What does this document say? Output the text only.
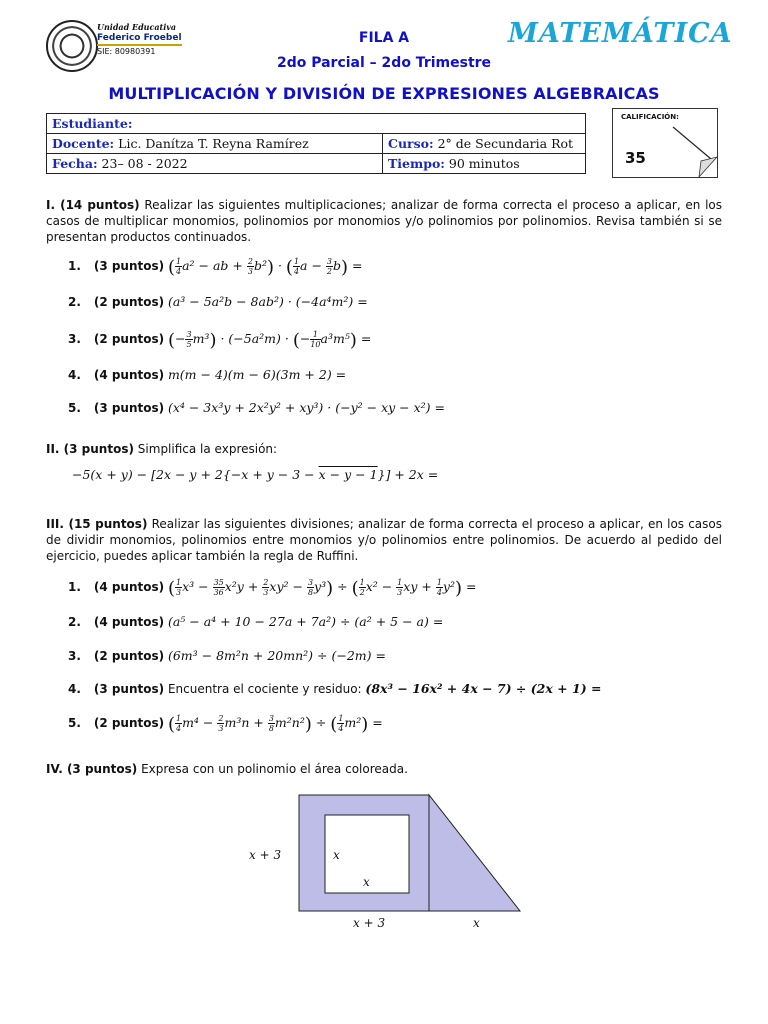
Unidad Educativa
Federico Froebel
SIE: 80980391
FILA A
2do Parcial – 2do Trimestre
MULTIPLICACIÓN Y DIVISIÓN DE EXPRESIONES ALGEBRAICAS
MATEMÁTICA
Estudiante:	
Docente: Lic. Danítza T. Reyna Ramírez	Curso: 2° de Secundaria Rot
Fecha: 23– 08 - 2022	Tiempo: 90 minutos
CALIFICACIÓN:
35
I. (14 puntos) Realizar las siguientes multiplicaciones; analizar de forma correcta el proceso a aplicar, en los casos de multiplicar monomios, polinomios por monomios y/o polinomios por polinomios. Revisa también si se presentan productos continuados.
1. (3 puntos) ( $\frac{1}{4} a^2$ − ab + $\frac{2}{3} b^2$) · ( $\frac{1}{4}$ $a - \frac{3}{2} b$) =
2. (2 puntos) (a³ − 5a²b − 8ab²) · (−4a⁴m²) =
3. (2 puntos) (− $\frac{3}{5} m^3) \cdot (-5a^2m)$ · (− $\frac{1}{10} a^3m^5$) =
4. (4 puntos) m(m − 4)(m − 6)(3m + 2) =
5. (3 puntos) (x⁴ − 3x³y + 2x²y² + xy³) · (−y² − xy − x²) =
II. (3 puntos) Simplifica la expresión:
−5(x + y) − [2x − y + 2{−x + y − 3 − x − y − 1}] + 2x =
III. (15 puntos) Realizar las siguientes divisiones; analizar de forma correcta el proceso a aplicar, en los casos de dividir monomios, polinomios entre monomios y/o polinomios entre polinomios. De acuerdo al pedido del ejercicio, puedes aplicar también la regla de Ruffini.
1. (4 puntos) ( $\frac{1}{3} x^3 - \frac{35}{36} x^2y + \frac{2}{3} xy^2 - \frac{3}{8} y^3$) ÷ ( $\frac{1}{2} x^2 - \frac{1}{3}$ xy + $\frac{1}{4} y^2$) =
2. (4 puntos) (a⁵ − a⁴ + 10 − 27a + 7a²) ÷ (a² + 5 − a) =
3. (2 puntos) (6m³ − 8m²n + 20mn²) ÷ (−2m) =
4. (3 puntos) Encuentra el cociente y residuo: (8x³ − 16x² + 4x − 7) ÷ (2x + 1) =
5. (2 puntos) ( $\frac{1}{4} m^4 - \frac{2}{3} m^3n + \frac{3}{8} m^2n^2$) ÷ ( $\frac{1}{4} m^2$) =
IV. (3 puntos) Expresa con un polinomio el área coloreada.
x + 3	x
x
x + 3	x
